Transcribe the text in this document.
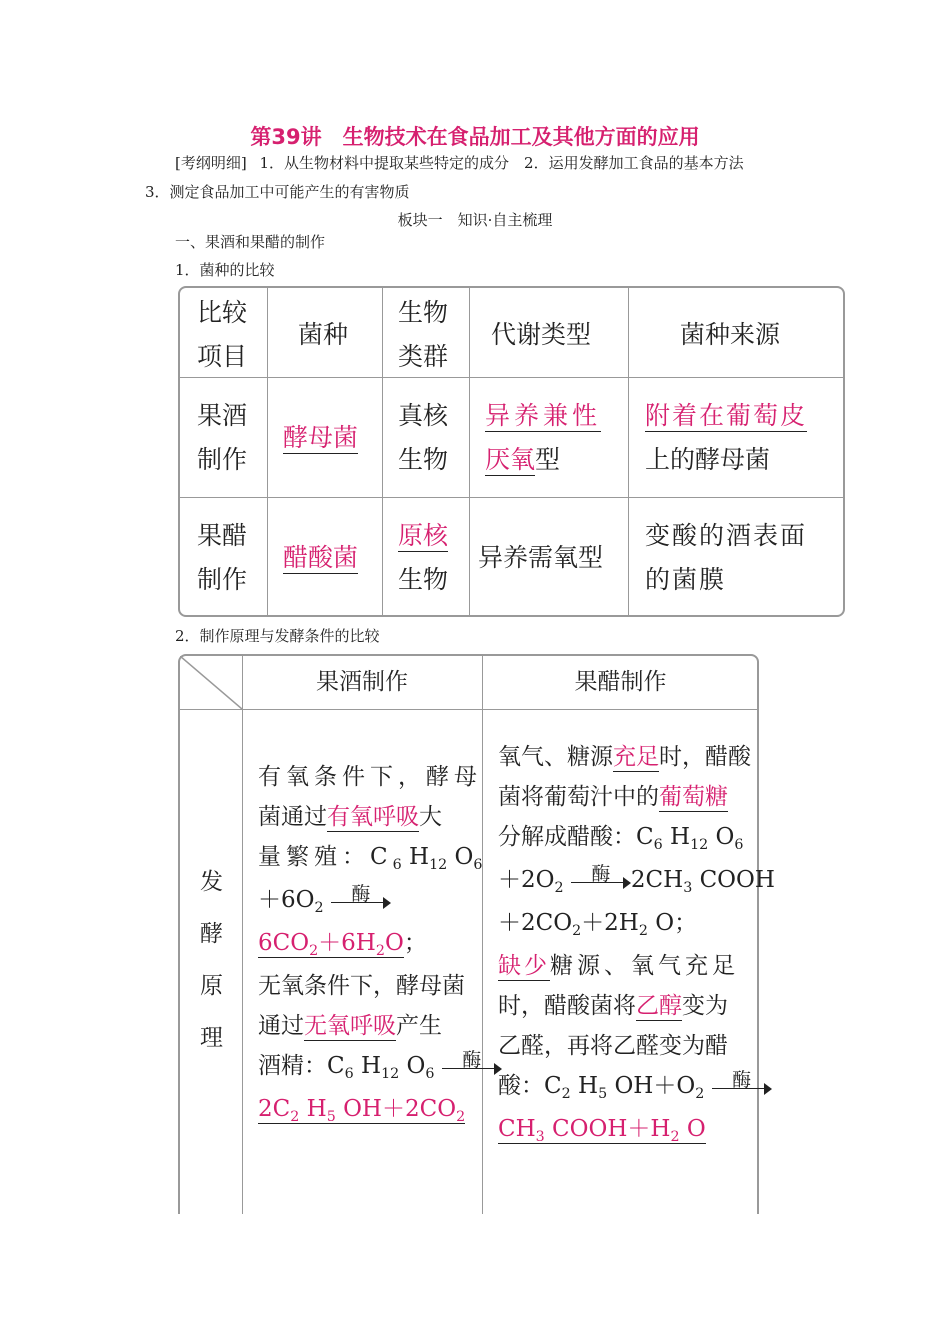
第39讲　生物技术在食品加工及其他方面的应用
[考纲明细] 1．从生物材料中提取某些特定的成分　2．运用发酵加工食品的基本方法
3．测定食品加工中可能产生的有害物质
板块一　知识·自主梳理
一、果酒和果醋的制作
1．菌种的比较
比较
项目
菌种
生物
类群
代谢类型	菌种来源
果酒
制作
酵母菌
真核
生物
异养兼性
厌氧型
附着在葡萄皮
上的酵母菌
果醋
制作
醋酸菌
原核
生物
异养需氧型
变酸的酒表面
的菌膜
2．制作原理与发酵条件的比较
果酒制作	果醋制作
发
酵
原
理
有氧条件下，酵母
菌通过有氧呼吸大
量繁殖：$C_6$ $H_{12}$ $O_6$
$+6O_2$
酶
$6CO_2+6H_2O$；
无氧条件下，酵母菌
通过无氧呼吸产生
酒精：$C_6$ $H_{12}$ $O_6$
酶
$2C_2$ $H_5$ $OH+2CO_2$
氧气、糖源充足时，醋酸
菌将葡萄汁中的葡萄糖
分解成醋酸：$C_6$ $H_{12}$ $O_6$
$+2O_2$
酶 $2CH_3$ COOH
$+2CO_2+2H_2$ O；
缺少糖源、氧气充足
时，醋酸菌将乙醇变为
乙醛，再将乙醛变为醋
酸：$C_2$ $H_5$ $OH+O_2$
酶
$CH_3$ $COOH+H_2$ O
